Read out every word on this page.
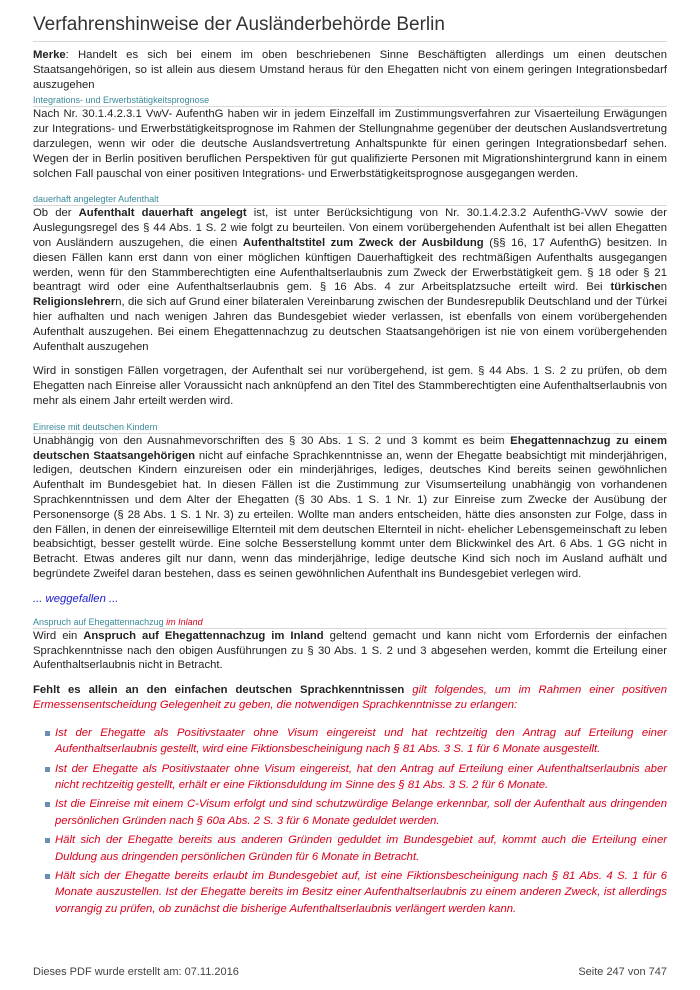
Verfahrenshinweise der Ausländerbehörde Berlin

Merke: Handelt es sich bei einem im oben beschriebenen Sinne Beschäftigten allerdings um einen deutschen Staatsangehörigen, so ist allein aus diesem Umstand heraus für den Ehegatten nicht von einem geringen Integrationsbedarf auszugehen

Integrations- und Erwerbstätigkeitsprognose

Nach Nr. 30.1.4.2.3.1 VwV- AufenthG haben wir in jedem Einzelfall im Zustimmungsverfahren zur Visaerteilung Erwägungen zur Integrations- und Erwerbstätigkeitsprognose im Rahmen der Stellungnahme gegenüber der deutschen Auslandsvertretung darzulegen, wenn wir oder die deutsche Auslandsvertretung Anhaltspunkte für einen geringen Integrationsbedarf sehen. Wegen der in Berlin positiven beruflichen Perspektiven für gut qualifizierte Personen mit Migrationshintergrund kann in einem solchen Fall pauschal von einer positiven Integrations- und Erwerbstätigkeitsprognose ausgegangen werden.

dauerhaft angelegter Aufenthalt

Ob der Aufenthalt dauerhaft angelegt ist, ist unter Berücksichtigung von Nr. 30.1.4.2.3.2 AufenthG-VwV sowie der Auslegungsregel des § 44 Abs. 1 S. 2 wie folgt zu beurteilen. Von einem vorübergehenden Aufenthalt ist bei allen Ehegatten von Ausländern auszugehen, die einen Aufenthaltstitel zum Zweck der Ausbildung (§§ 16, 17 AufenthG) besitzen. In diesen Fällen kann erst dann von einer möglichen künftigen Dauerhaftigkeit des rechtmäßigen Aufenthalts ausgegangen werden, wenn für den Stammberechtigten eine Aufenthaltserlaubnis zum Zweck der Erwerbstätigkeit gem. § 18 oder § 21 beantragt wird oder eine Aufenthaltserlaubnis gem. § 16 Abs. 4 zur Arbeitsplatzsuche erteilt wird. Bei türkischen Religionslehrern, die sich auf Grund einer bilateralen Vereinbarung zwischen der Bundesrepublik Deutschland und der Türkei hier aufhalten und nach wenigen Jahren das Bundesgebiet wieder verlassen, ist ebenfalls von einem vorübergehenden Aufenthalt auszugehen. Bei einem Ehegattennachzug zu deutschen Staatsangehörigen ist nie von einem vorübergehenden Aufenthalt auszugehen

Wird in sonstigen Fällen vorgetragen, der Aufenthalt sei nur vorübergehend, ist gem. § 44 Abs. 1 S. 2 zu prüfen, ob dem Ehegatten nach Einreise aller Voraussicht nach anknüpfend an den Titel des Stammberechtigten eine Aufenthaltserlaubnis von mehr als einem Jahr erteilt werden wird.

Einreise mit deutschen Kindern

Unabhängig von den Ausnahmevorschriften des § 30 Abs. 1 S. 2 und 3 kommt es beim Ehegattennachzug zu einem deutschen Staatsangehörigen nicht auf einfache Sprachkenntnisse an, wenn der Ehegatte beabsichtigt mit minderjährigen, ledigen, deutschen Kindern einzureisen oder ein minderjähriges, lediges, deutsches Kind bereits seinen gewöhnlichen Aufenthalt im Bundesgebiet hat. In diesen Fällen ist die Zustimmung zur Visumserteilung unabhängig von vorhandenen Sprachkenntnissen und dem Alter der Ehegatten (§ 30 Abs. 1 S. 1 Nr. 1) zur Einreise zum Zwecke der Ausübung der Personensorge (§ 28 Abs. 1 S. 1 Nr. 3) zu erteilen. Wollte man anders entscheiden, hätte dies ansonsten zur Folge, dass in den Fällen, in denen der einreisewillige Elternteil mit dem deutschen Elternteil in nicht- ehelicher Lebensgemeinschaft zu leben beabsichtigt, besser gestellt würde. Eine solche Besserstellung kommt unter dem Blickwinkel des Art. 6 Abs. 1 GG nicht in Betracht. Etwas anderes gilt nur dann, wenn das minderjährige, ledige deutsche Kind sich noch im Ausland aufhält und begründete Zweifel daran bestehen, dass es seinen gewöhnlichen Aufenthalt ins Bundesgebiet verlegen wird.

... weggefallen ...
Anspruch auf Ehegattennachzug im Inland

Wird ein Anspruch auf Ehegattennachzug im Inland geltend gemacht und kann nicht vom Erfordernis der einfachen Sprachkenntnisse nach den obigen Ausführungen zu § 30 Abs. 1 S. 2 und 3 abgesehen werden, kommt die Erteilung einer Aufenthaltserlaubnis nicht in Betracht.

Fehlt es allein an den einfachen deutschen Sprachkenntnissen gilt folgendes, um im Rahmen einer positiven Ermessensentscheidung Gelegenheit zu geben, die notwendigen Sprachkenntnisse zu erlangen:

Ist der Ehegatte als Positivstaater ohne Visum eingereist und hat rechtzeitig den Antrag auf Erteilung einer Aufenthaltserlaubnis gestellt, wird eine Fiktionsbescheinigung nach § 81 Abs. 3 S. 1 für 6 Monate ausgestellt.
Ist der Ehegatte als Positivstaater ohne Visum eingereist, hat den Antrag auf Erteilung einer Aufenthaltserlaubnis aber nicht rechtzeitig gestellt, erhält er eine Fiktionsduldung im Sinne des § 81 Abs. 3 S. 2 für 6 Monate.
Ist die Einreise mit einem C-Visum erfolgt und sind schutzwürdige Belange erkennbar, soll der Aufenthalt aus dringenden persönlichen Gründen nach § 60a Abs. 2 S. 3 für 6 Monate geduldet werden.
Hält sich der Ehegatte bereits aus anderen Gründen geduldet im Bundesgebiet auf, kommt auch die Erteilung einer Duldung aus dringenden persönlichen Gründen für 6 Monate in Betracht.
Hält sich der Ehegatte bereits erlaubt im Bundesgebiet auf, ist eine Fiktionsbescheinigung nach § 81 Abs. 4 S. 1 für 6 Monate auszustellen. Ist der Ehegatte bereits im Besitz einer Aufenthaltserlaubnis zu einem anderen Zweck, ist allerdings vorrangig zu prüfen, ob zunächst die bisherige Aufenthaltserlaubnis verlängert werden kann.
Dieses PDF wurde erstellt am: 07.11.2016	Seite 247 von 747
